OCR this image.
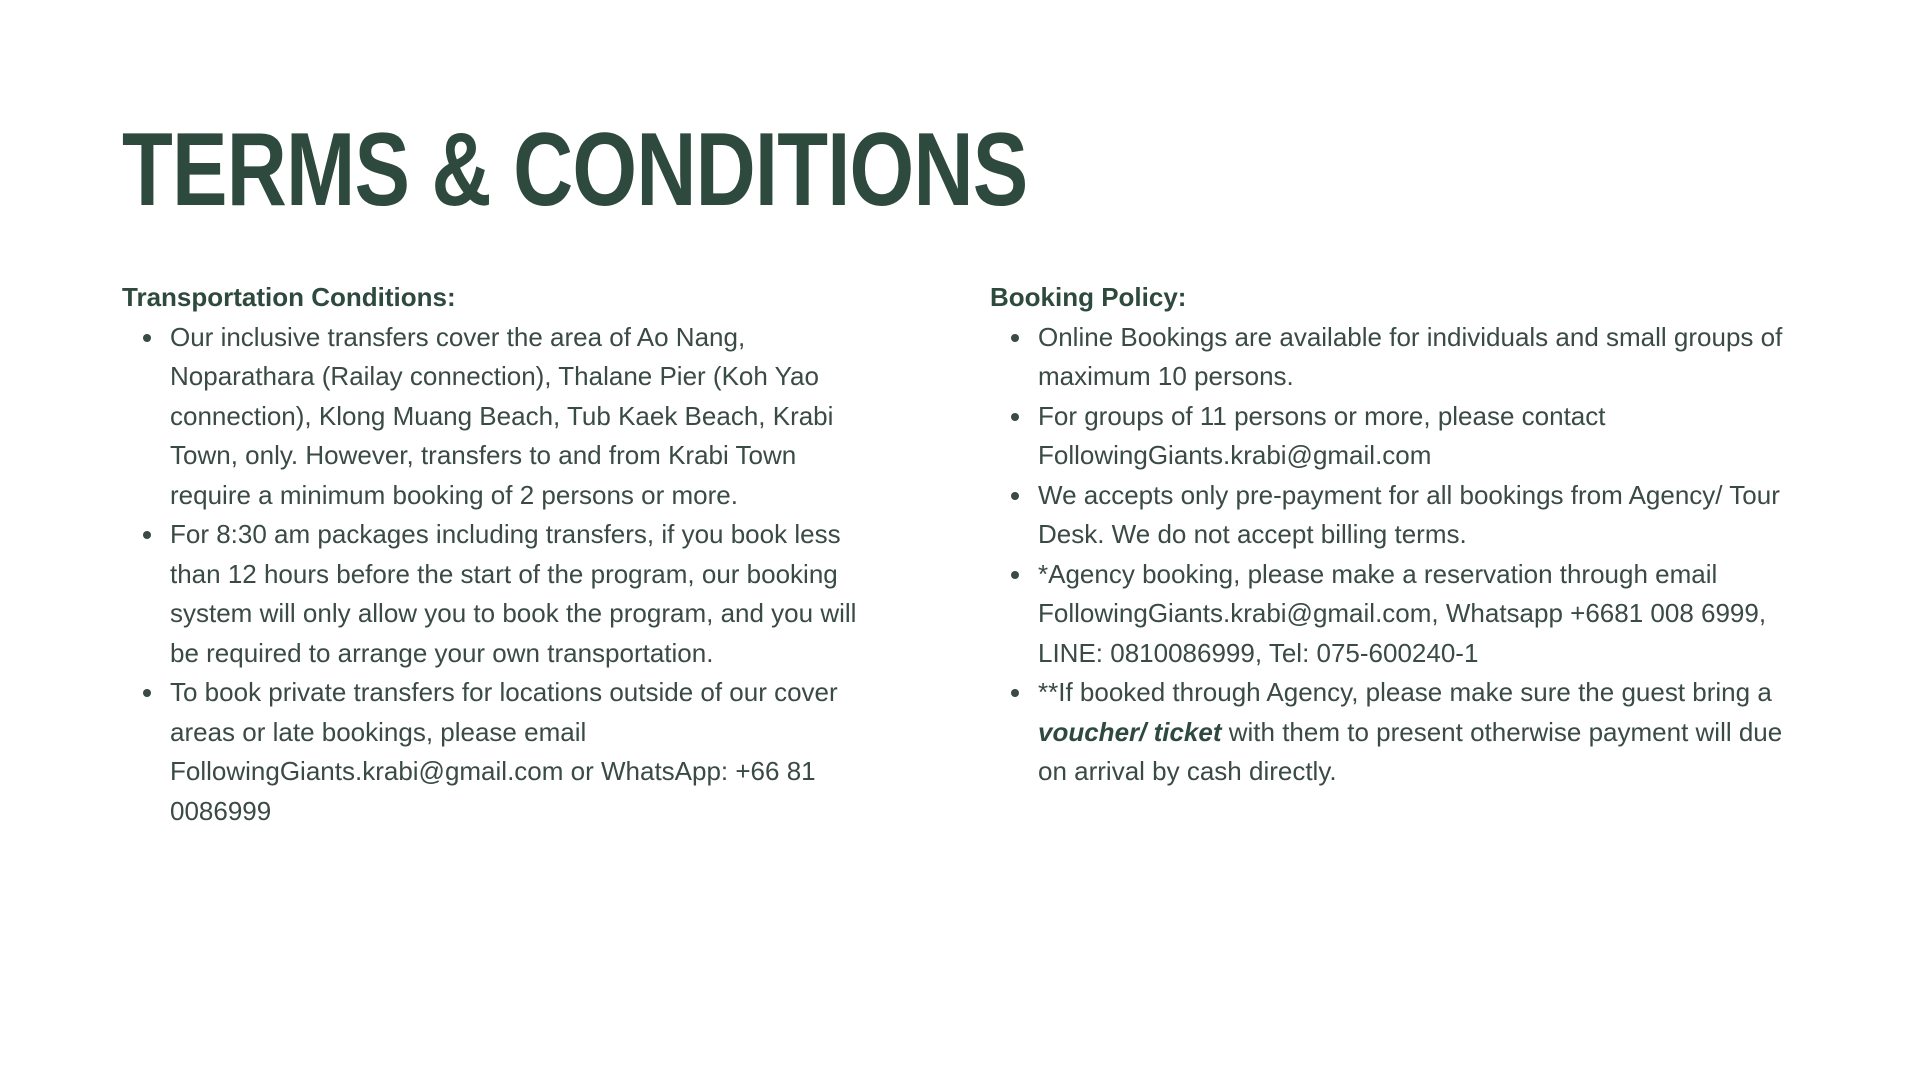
TERMS & CONDITIONS
Transportation Conditions:
Our inclusive transfers cover the area of Ao Nang, Noparathara (Railay connection), Thalane Pier (Koh Yao connection), Klong Muang Beach, Tub Kaek Beach, Krabi Town, only. However, transfers to and from Krabi Town require a minimum booking of 2 persons or more.
For 8:30 am packages including transfers, if you book less than 12 hours before the start of the program, our booking system will only allow you to book the program, and you will be required to arrange your own transportation.
To book private transfers for locations outside of our cover areas or late bookings, please email FollowingGiants.krabi@gmail.com or WhatsApp: +66 81 0086999
Booking Policy:
Online Bookings are available for individuals and small groups of maximum 10 persons.
For groups of 11 persons or more, please contact FollowingGiants.krabi@gmail.com
We accepts only pre-payment for all bookings from Agency/ Tour Desk. We do not accept billing terms.
*Agency booking, please make a reservation through email FollowingGiants.krabi@gmail.com, Whatsapp +6681 008 6999, LINE: 0810086999, Tel: 075-600240-1
**If booked through Agency, please make sure the guest bring a voucher/ ticket with them to present otherwise payment will due on arrival by cash directly.
